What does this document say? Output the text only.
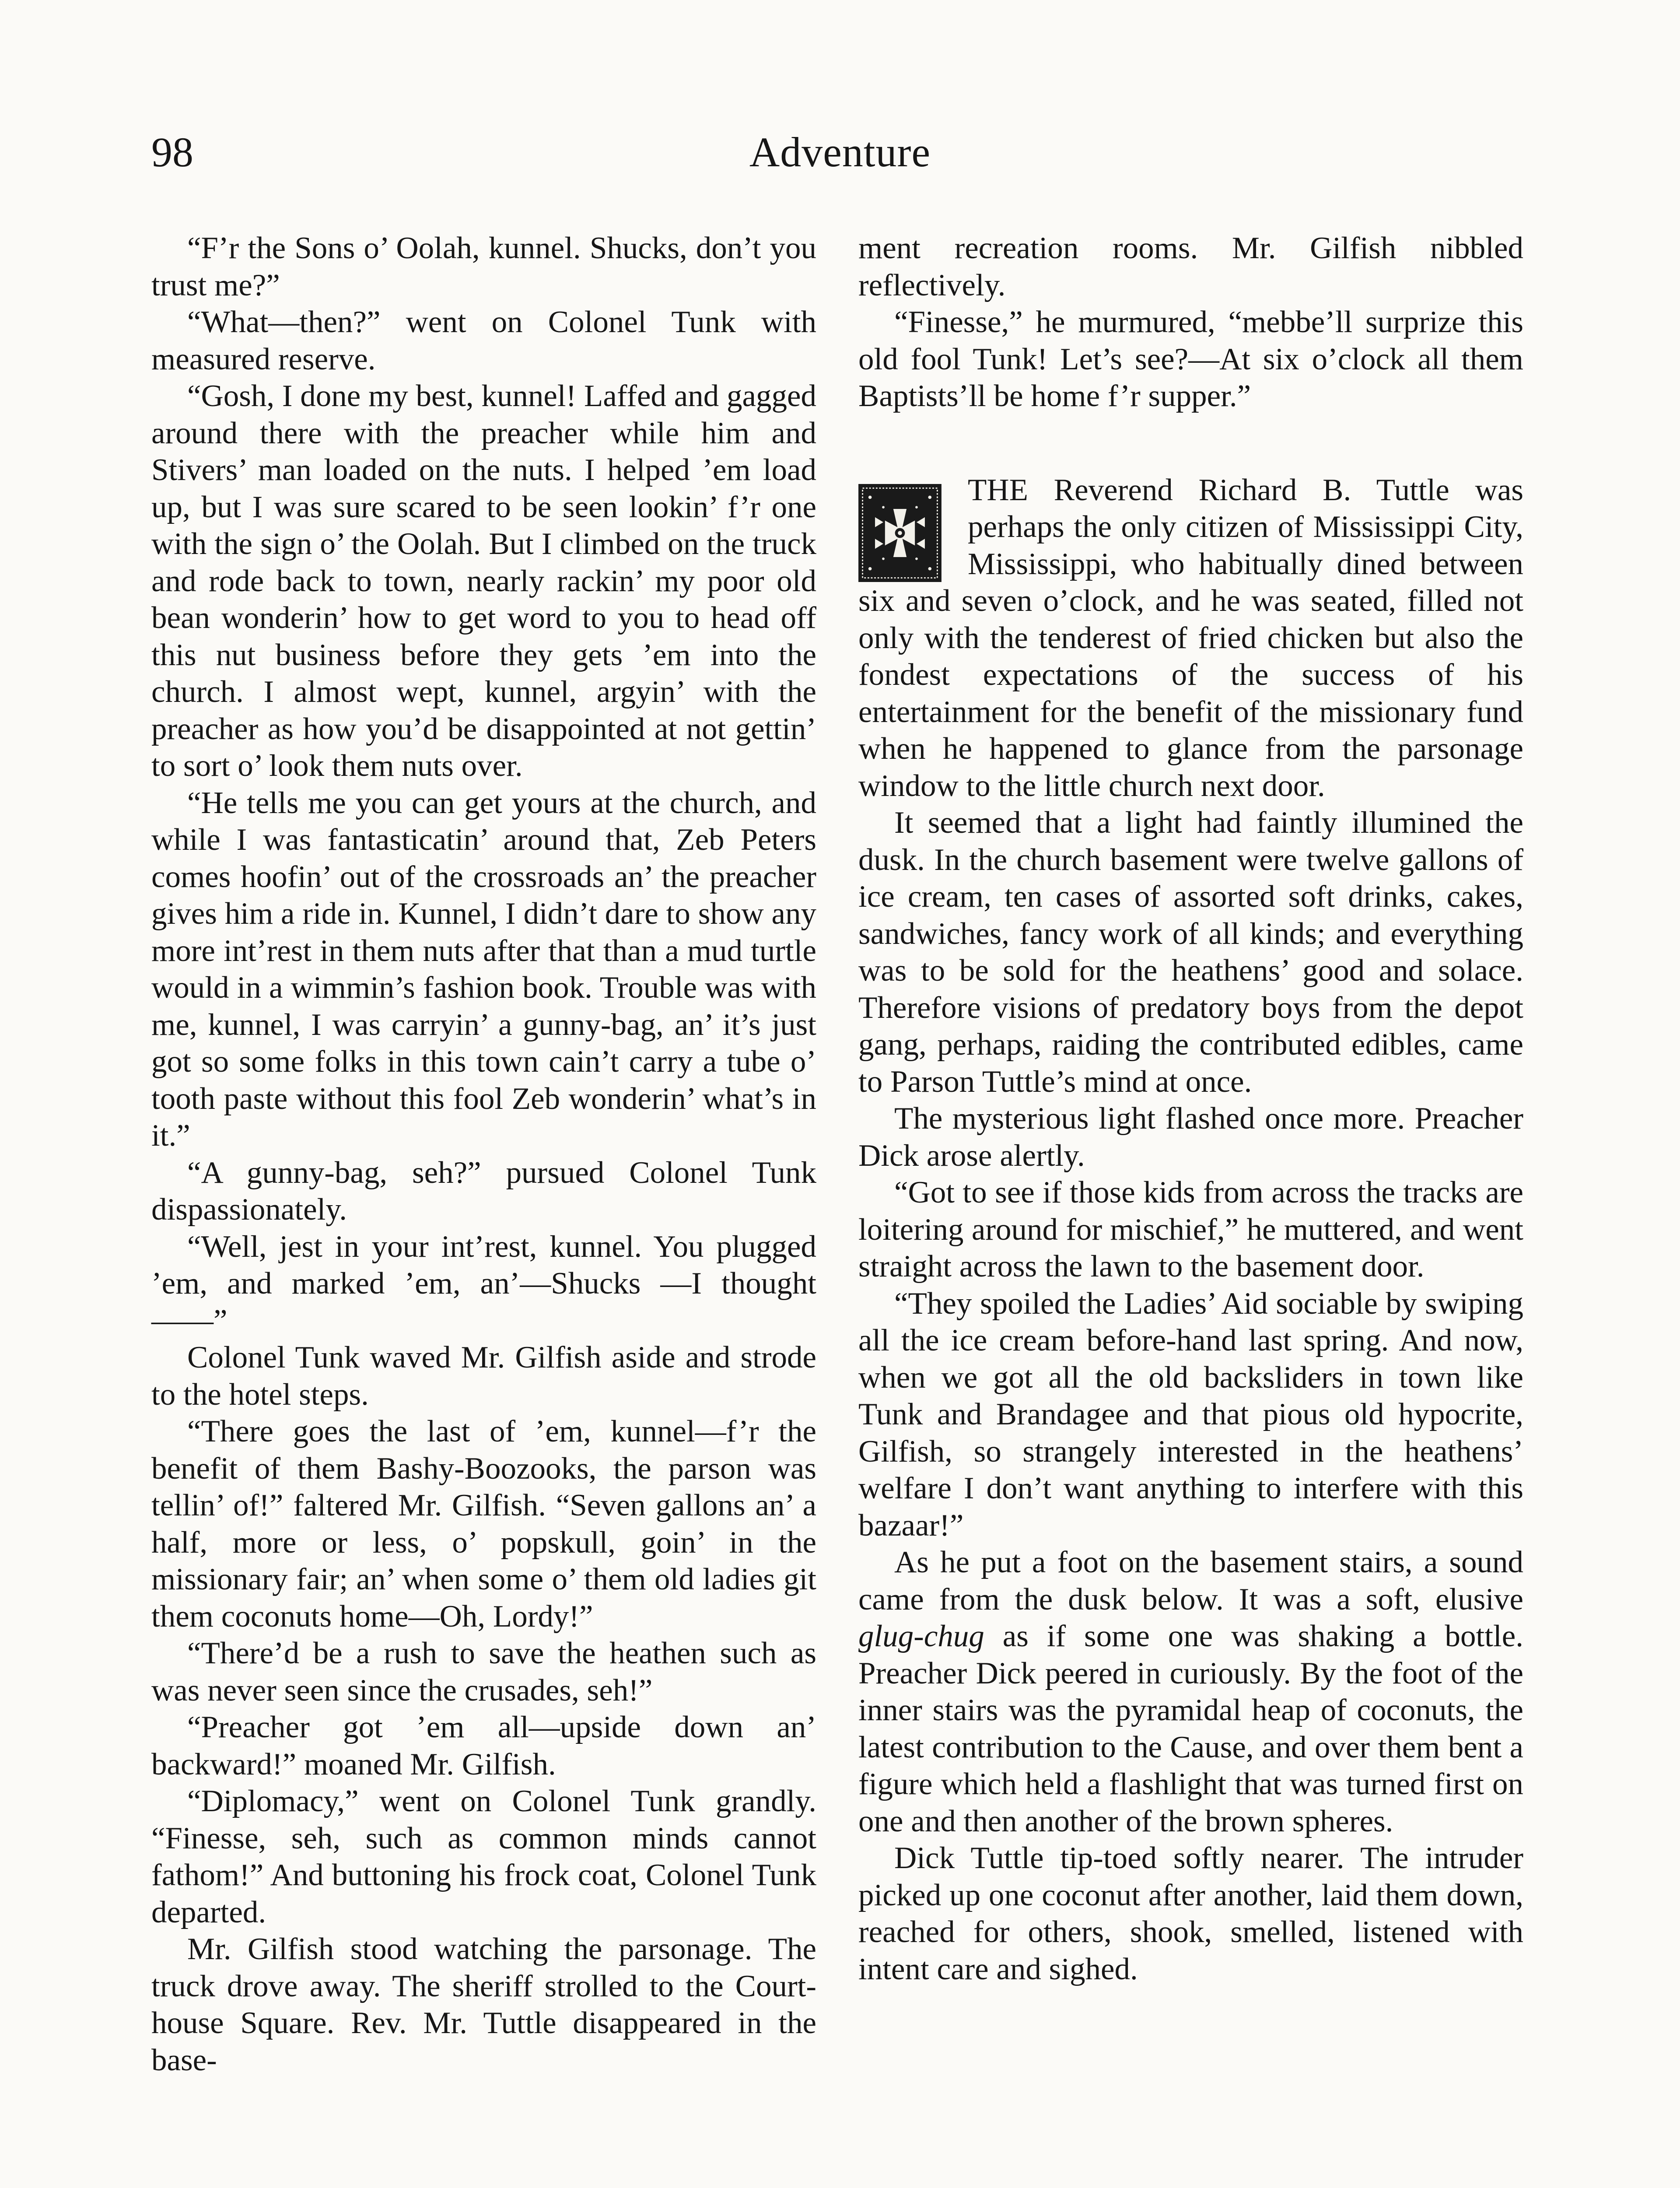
98	Adventure

“F’r the Sons o’ Oolah, kunnel. Shucks, don’t you trust me?”

“What—then?” went on Colonel Tunk with measured reserve.

“Gosh, I done my best, kunnel! Laffed and gagged around there with the preacher while him and Stivers’ man loaded on the nuts. I helped ’em load up, but I was sure scared to be seen lookin’ f’r one with the sign o’ the Oolah. But I climbed on the truck and rode back to town, nearly rackin’ my poor old bean wonderin’ how to get word to you to head off this nut business before they gets ’em into the church. I almost wept, kunnel, argyin’ with the preacher as how you’d be disappointed at not gettin’ to sort o’ look them nuts over.

“He tells me you can get yours at the church, and while I was fantasticatin’ around that, Zeb Peters comes hoofin’ out of the crossroads an’ the preacher gives him a ride in. Kunnel, I didn’t dare to show any more int’rest in them nuts after that than a mud turtle would in a wimmin’s fashion book. Trouble was with me, kunnel, I was carryin’ a gunny-bag, an’ it’s just got so some folks in this town cain’t carry a tube o’ tooth paste without this fool Zeb wonderin’ what’s in it.”

“A gunny-bag, seh?” pursued Colonel Tunk dispassionately.

“Well, jest in your int’rest, kunnel. You plugged ’em, and marked ’em, an’—Shucks —I thought——”

Colonel Tunk waved Mr. Gilfish aside and strode to the hotel steps.

“There goes the last of ’em, kunnel—f’r the benefit of them Bashy-Boozooks, the parson was tellin’ of!” faltered Mr. Gilfish. “Seven gallons an’ a half, more or less, o’ popskull, goin’ in the missionary fair; an’ when some o’ them old ladies git them coconuts home—Oh, Lordy!”

“There’d be a rush to save the heathen such as was never seen since the crusades, seh!”

“Preacher got ’em all—upside down an’ backward!” moaned Mr. Gilfish.

“Diplomacy,” went on Colonel Tunk grandly. “Finesse, seh, such as common minds cannot fathom!” And buttoning his frock coat, Colonel Tunk departed.

Mr. Gilfish stood watching the parsonage. The truck drove away. The sheriff strolled to the Court-house Square. Rev. Mr. Tuttle disappeared in the base-

ment recreation rooms. Mr. Gilfish nibbled reflectively.

“Finesse,” he murmured, “mebbe’ll surprize this old fool Tunk! Let’s see?—At six o’clock all them Baptists’ll be home f’r supper.”

THE Reverend Richard B. Tuttle was perhaps the only citizen of Mississippi City, Mississippi, who habitually dined between six and seven o’clock, and he was seated, filled not only with the tenderest of fried chicken but also the fondest expectations of the success of his entertainment for the benefit of the missionary fund when he happened to glance from the parsonage window to the little church next door.

It seemed that a light had faintly illumined the dusk. In the church basement were twelve gallons of ice cream, ten cases of assorted soft drinks, cakes, sandwiches, fancy work of all kinds; and everything was to be sold for the heathens’ good and solace. Therefore visions of predatory boys from the depot gang, perhaps, raiding the contributed edibles, came to Parson Tuttle’s mind at once.

The mysterious light flashed once more. Preacher Dick arose alertly.

“Got to see if those kids from across the tracks are loitering around for mischief,” he muttered, and went straight across the lawn to the basement door.

“They spoiled the Ladies’ Aid sociable by swiping all the ice cream before-hand last spring. And now, when we got all the old backsliders in town like Tunk and Brandagee and that pious old hypocrite, Gilfish, so strangely interested in the heathens’ welfare I don’t want anything to interfere with this bazaar!”

As he put a foot on the basement stairs, a sound came from the dusk below. It was a soft, elusive glug-chug as if some one was shaking a bottle. Preacher Dick peered in curiously. By the foot of the inner stairs was the pyramidal heap of coconuts, the latest contribution to the Cause, and over them bent a figure which held a flashlight that was turned first on one and then another of the brown spheres.

Dick Tuttle tip-toed softly nearer. The intruder picked up one coconut after another, laid them down, reached for others, shook, smelled, listened with intent care and sighed.
